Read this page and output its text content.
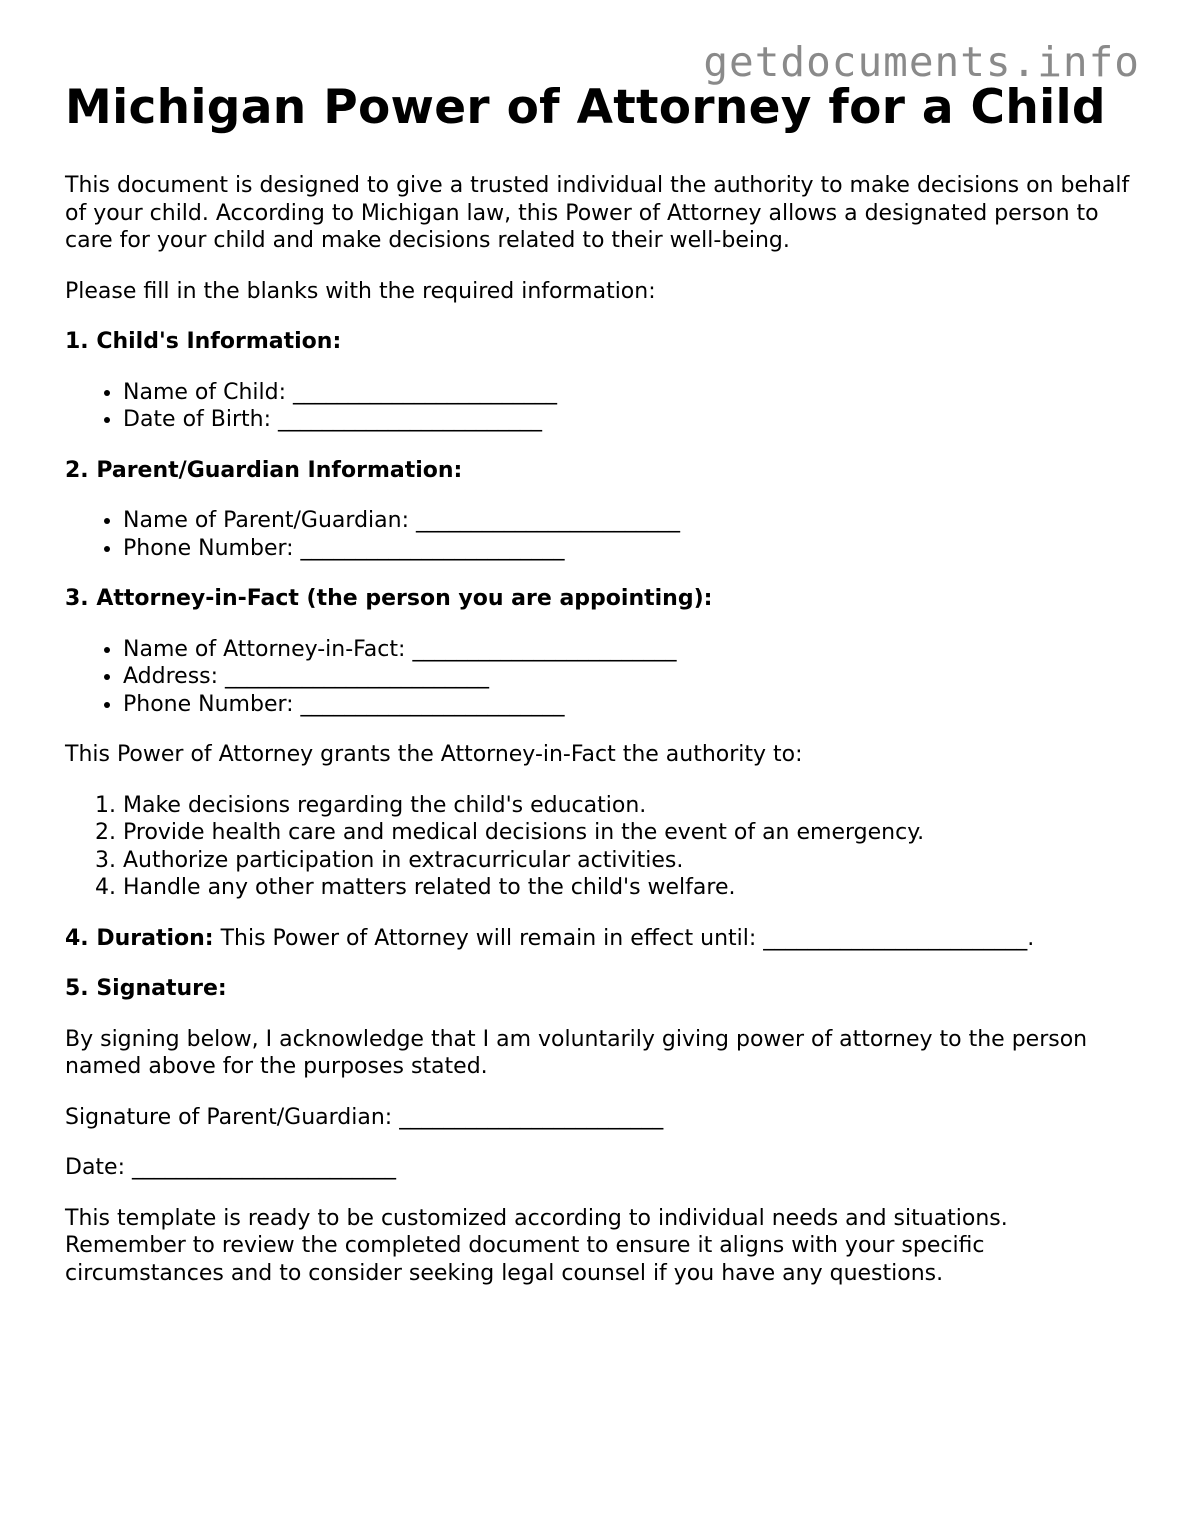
getdocuments.info
Michigan Power of Attorney for a Child

This document is designed to give a trusted individual the authority to make decisions on behalf of your child. According to Michigan law, this Power of Attorney allows a designated person to care for your child and make decisions related to their well-being.

Please fill in the blanks with the required information:

1. Child's Information:
• Name of Child: ________________________
• Date of Birth: ________________________
2. Parent/Guardian Information:
• Name of Parent/Guardian: ________________________
• Phone Number: ________________________
3. Attorney-in-Fact (the person you are appointing):
• Name of Attorney-in-Fact: ________________________
• Address: ________________________
• Phone Number: ________________________

This Power of Attorney grants the Attorney-in-Fact the authority to:

1. Make decisions regarding the child's education.
2. Provide health care and medical decisions in the event of an emergency.
3. Authorize participation in extracurricular activities.
4. Handle any other matters related to the child's welfare.

4. Duration: This Power of Attorney will remain in effect until: ________________________.

5. Signature:

By signing below, I acknowledge that I am voluntarily giving power of attorney to the person named above for the purposes stated.

Signature of Parent/Guardian: ________________________

Date: ________________________

This template is ready to be customized according to individual needs and situations. Remember to review the completed document to ensure it aligns with your specific circumstances and to consider seeking legal counsel if you have any questions.
